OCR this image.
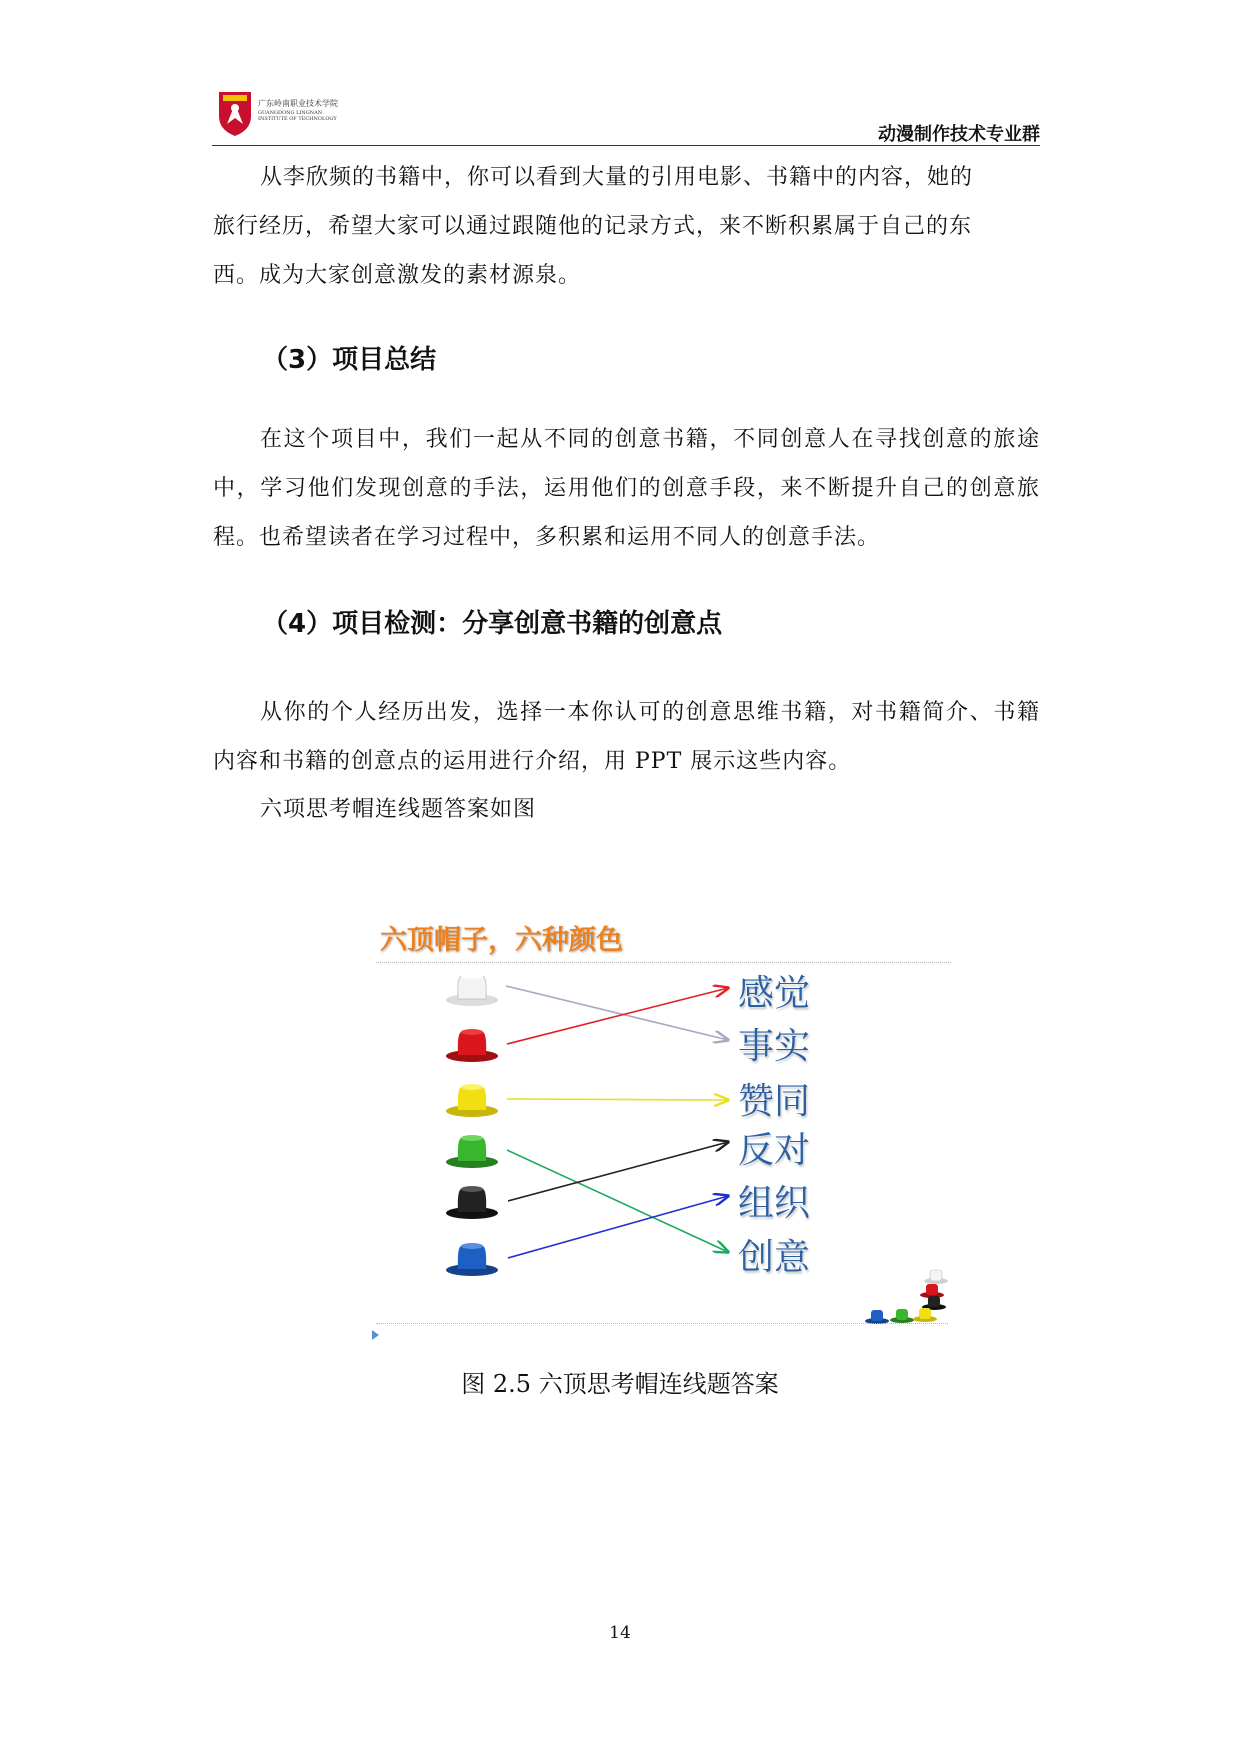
广东岭南职业技术学院
GUANGDONG LINGNAN
INSTITUTE OF TECHNOLOGY
动漫制作技术专业群
从李欣频的书籍中，你可以看到大量的引用电影、书籍中的内容，她的
旅行经历，希望大家可以通过跟随他的记录方式，来不断积累属于自己的东
西。成为大家创意激发的素材源泉。
（3）项目总结
在这个项目中，我们一起从不同的创意书籍，不同创意人在寻找创意的旅途中，学习他们发现创意的手法，运用他们的创意手段，来不断提升自己的创意旅程。也希望读者在学习过程中，多积累和运用不同人的创意手法。
（4）项目检测：分享创意书籍的创意点
从你的个人经历出发，选择一本你认可的创意思维书籍，对书籍简介、书籍内容和书籍的创意点的运用进行介绍，用 PPT 展示这些内容。
六项思考帽连线题答案如图
六顶帽子，六种颜色
感觉
事实
赞同
反对
组织
创意
图 2.5 六顶思考帽连线题答案
14
